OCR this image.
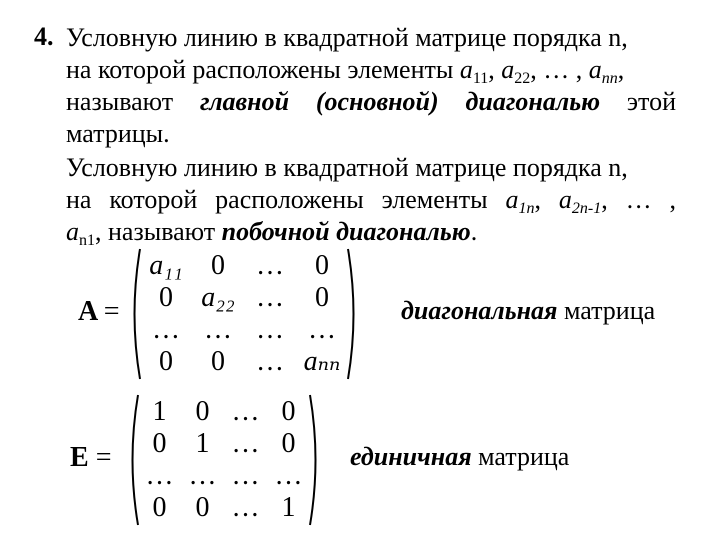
4. Условную линию в квадратной матрице порядка n,
на которой расположены элементы $a_{11}$, $a_{22}$, … , $a_{nn}$,
называют главной (основной) диагональю этой
матрицы.
Условную линию в квадратной матрице порядка n,
на которой расположены элементы $a_{1n}$, $a_{2n-1}$, … ,
$a_{n1}$, называют побочной диагональю.
A =
a₁₁	0	…	0
0	a₂₂ …	0
… … … …
0	0	… aₙₙ
диагональная матрица
E =
1	0 … 0
0	1 … 0
… … … …
0	0 … 1
единичная матрица
